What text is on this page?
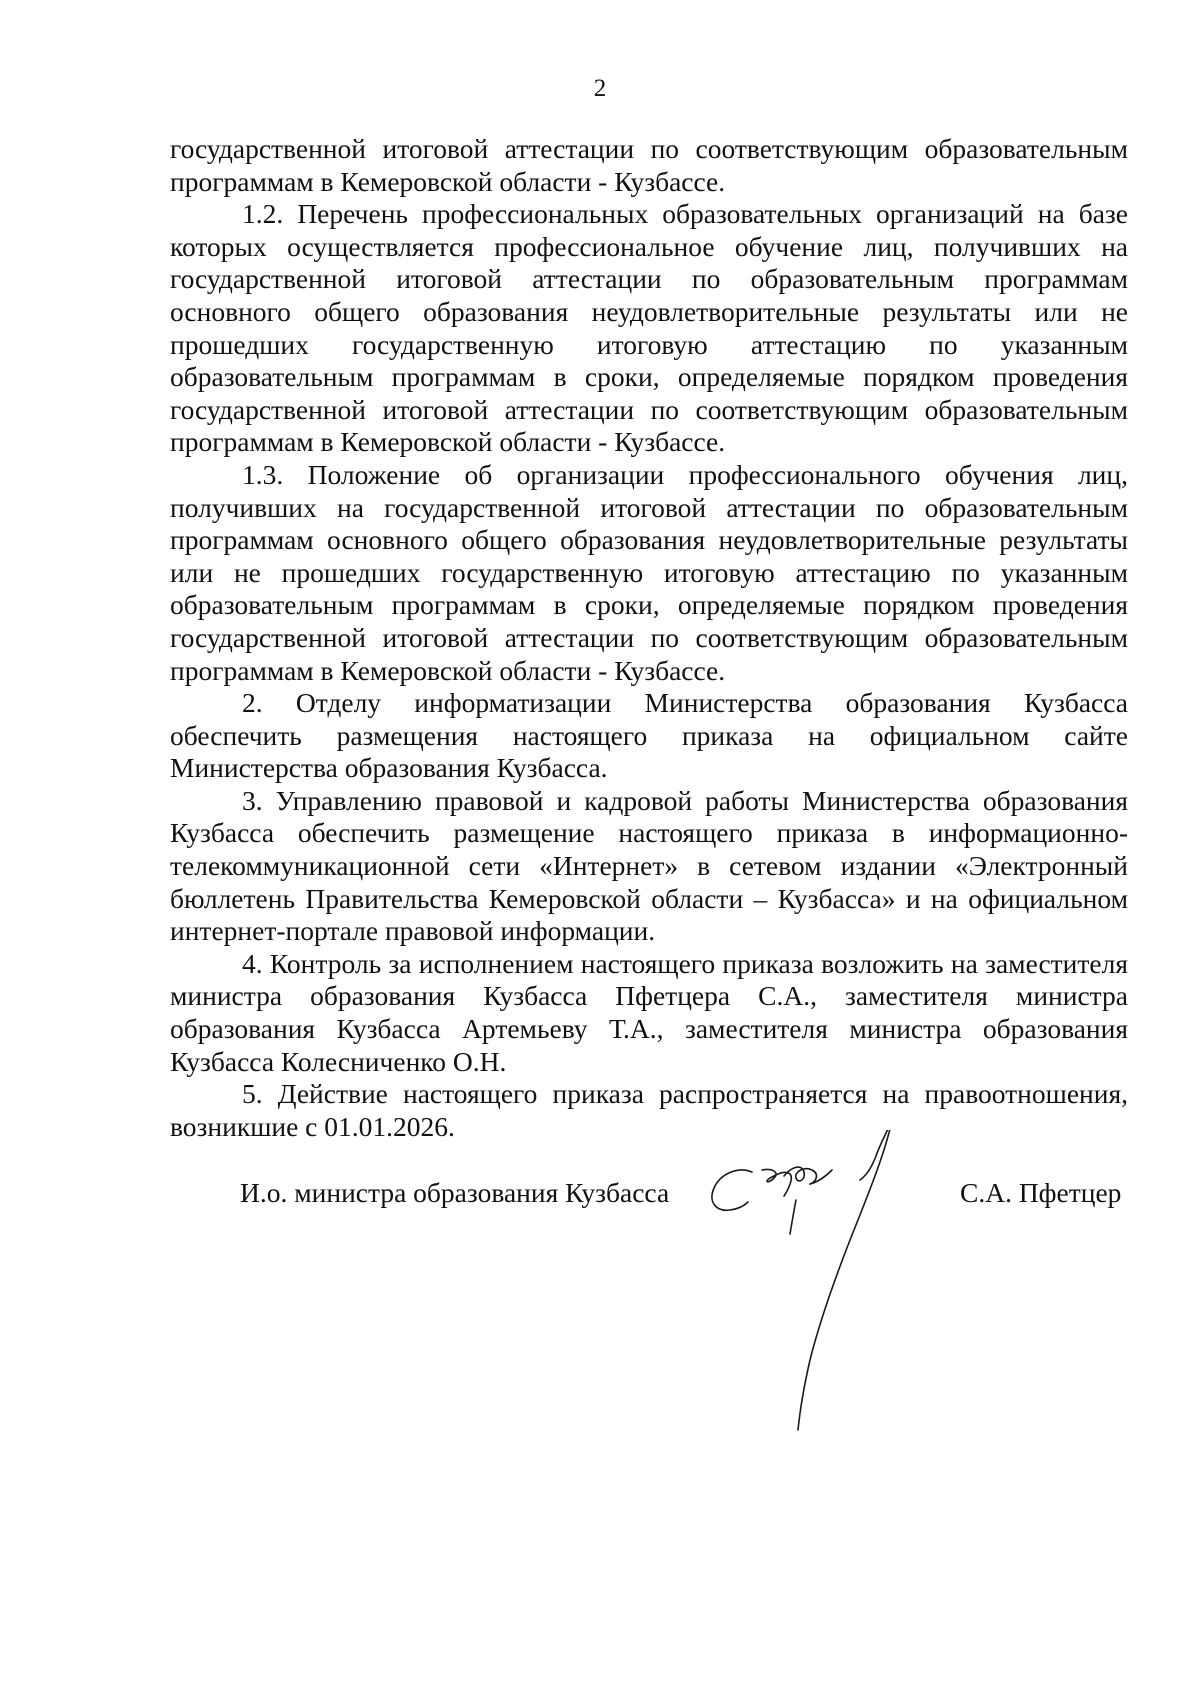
2

государственной итоговой аттестации по соответствующим образовательным программам в Кемеровской области - Кузбассе.

1.2. Перечень профессиональных образовательных организаций на базе которых осуществляется профессиональное обучение лиц, получивших на государственной итоговой аттестации по образовательным программам основного общего образования неудовлетворительные результаты или не прошедших государственную итоговую аттестацию по указанным образовательным программам в сроки, определяемые порядком проведения государственной итоговой аттестации по соответствующим образовательным программам в Кемеровской области - Кузбассе.

1.3. Положение об организации профессионального обучения лиц, получивших на государственной итоговой аттестации по образовательным программам основного общего образования неудовлетворительные результаты или не прошедших государственную итоговую аттестацию по указанным образовательным программам в сроки, определяемые порядком проведения государственной итоговой аттестации по соответствующим образовательным программам в Кемеровской области - Кузбассе.

2. Отделу информатизации Министерства образования Кузбасса обеспечить размещения настоящего приказа на официальном сайте Министерства образования Кузбасса.

3. Управлению правовой и кадровой работы Министерства образования Кузбасса обеспечить размещение настоящего приказа в информационно-телекоммуникационной сети «Интернет» в сетевом издании «Электронный бюллетень Правительства Кемеровской области – Кузбасса» и на официальном интернет-портале правовой информации.

4. Контроль за исполнением настоящего приказа возложить на заместителя министра образования Кузбасса Пфетцера С.А., заместителя министра образования Кузбасса Артемьеву Т.А., заместителя министра образования Кузбасса Колесниченко О.Н.

5. Действие настоящего приказа распространяется на правоотношения, возникшие с 01.01.2026.

И.о. министра образования Кузбасса	С.А. Пфетцер
